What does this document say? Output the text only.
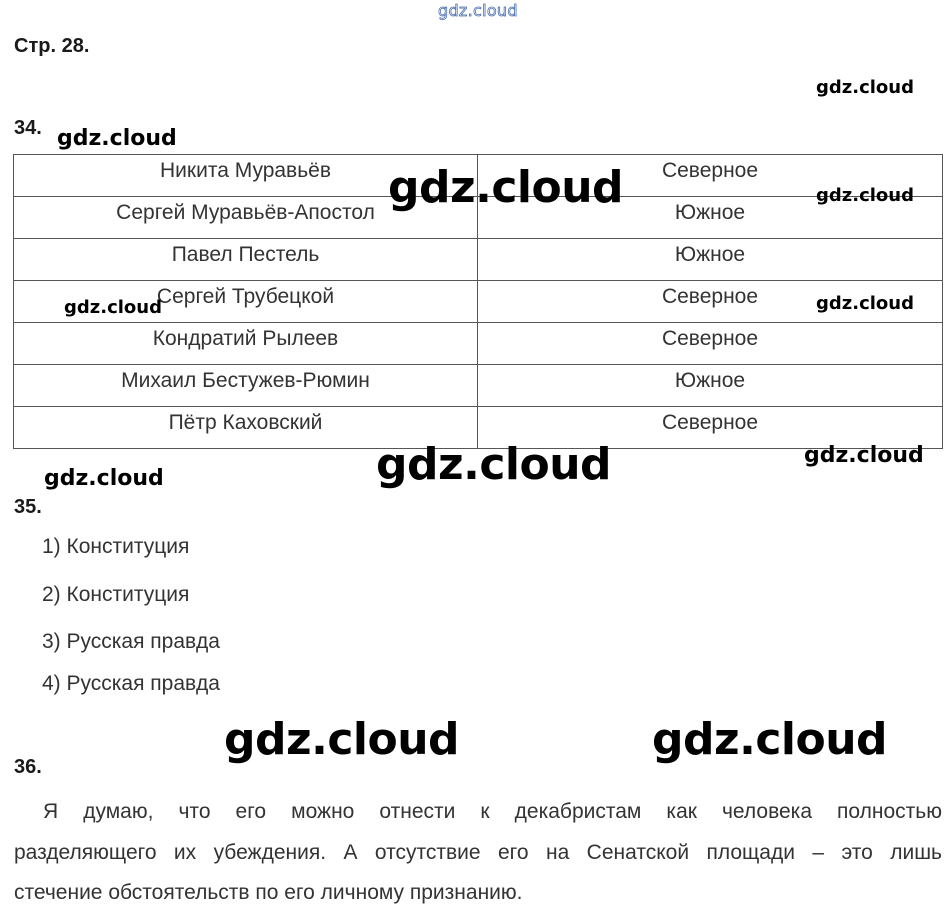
gdz.cloud
Стр. 28.
34.
Никита Муравьёв	Северное
Сергей Муравьёв-Апостол	Южное
Павел Пестель	Южное
Сергей Трубецкой	Северное
Кондратий Рылеев	Северное
Михаил Бестужев-Рюмин	Южное
Пётр Каховский	Северное
35.
1) Конституция
2) Конституция
3) Русская правда
4) Русская правда
36.
Я думаю, что его можно отнести к декабристам как человека полностью
разделяющего их убеждения. А отсутствие его на Сенатской площади – это лишь
стечение обстоятельств по его личному признанию.
gdz.cloud
gdz.cloud
gdz.cloud	gdz.cloud
gdz.cloud	gdz.cloud
gdz.cloud	gdz.cloud
gdz.cloud
gdz.cloud	gdz.cloud
